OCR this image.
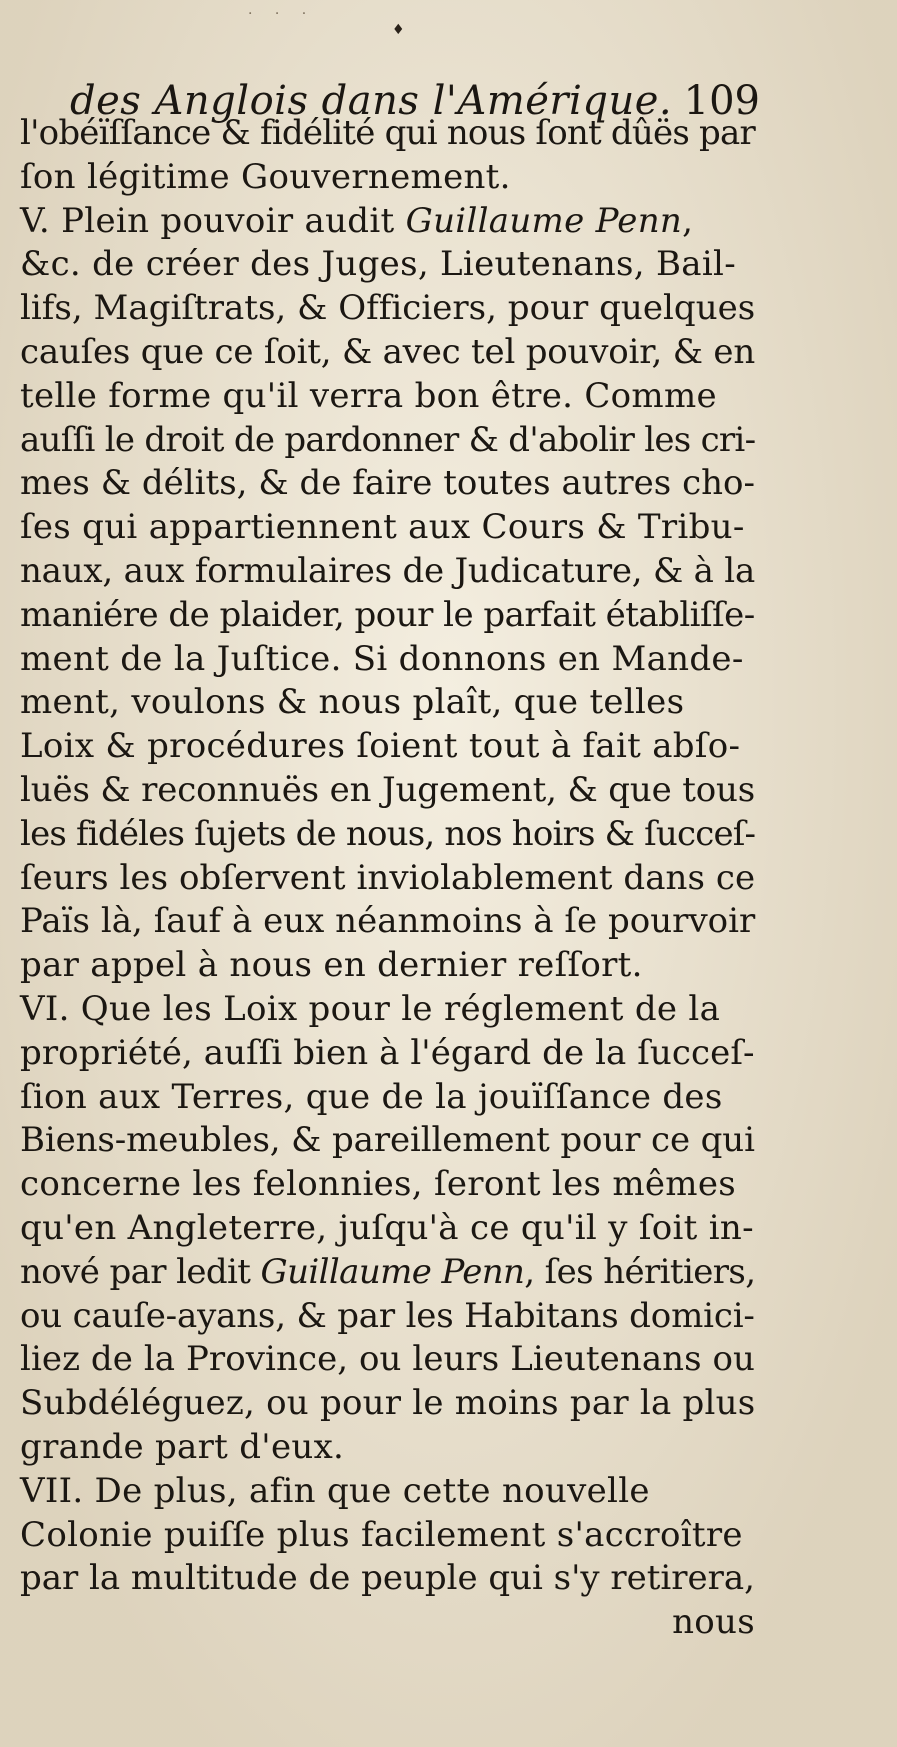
· · ·
♦
des Anglois dans l'Amérique. 109
l'obéïſſance & fidélité qui nous ſont dûës par
ſon légitime Gouvernement.
V. Plein pouvoir audit Guillaume Penn,
&c. de créer des Juges, Lieutenans, Bail-
lifs, Magiſtrats, & Officiers, pour quelques
cauſes que ce ſoit, & avec tel pouvoir, & en
telle forme qu'il verra bon être. Comme
auſſi le droit de pardonner & d'abolir les cri-
mes & délits, & de faire toutes autres cho-
ſes qui appartiennent aux Cours & Tribu-
naux, aux formulaires de Judicature, & à la
maniére de plaider, pour le parfait établiſſe-
ment de la Juſtice. Si donnons en Mande-
ment, voulons & nous plaît, que telles
Loix & procédures ſoient tout à fait abſo-
luës & reconnuës en Jugement, & que tous
les fidéles ſujets de nous, nos hoirs & ſucceſ-
ſeurs les obſervent inviolablement dans ce
Païs là, ſauf à eux néanmoins à ſe pourvoir
par appel à nous en dernier reſſort.
VI. Que les Loix pour le réglement de la
propriété, auſſi bien à l'égard de la ſucceſ-
ſion aux Terres, que de la jouïſſance des
Biens-meubles, & pareillement pour ce qui
concerne les felonnies, ſeront les mêmes
qu'en Angleterre, juſqu'à ce qu'il y ſoit in-
nové par ledit Guillaume Penn, ſes héritiers,
ou cauſe-ayans, & par les Habitans domici-
liez de la Province, ou leurs Lieutenans ou
Subdéléguez, ou pour le moins par la plus
grande part d'eux.
VII. De plus, afin que cette nouvelle
Colonie puiſſe plus facilement s'accroître
par la multitude de peuple qui s'y retirera,
nous
